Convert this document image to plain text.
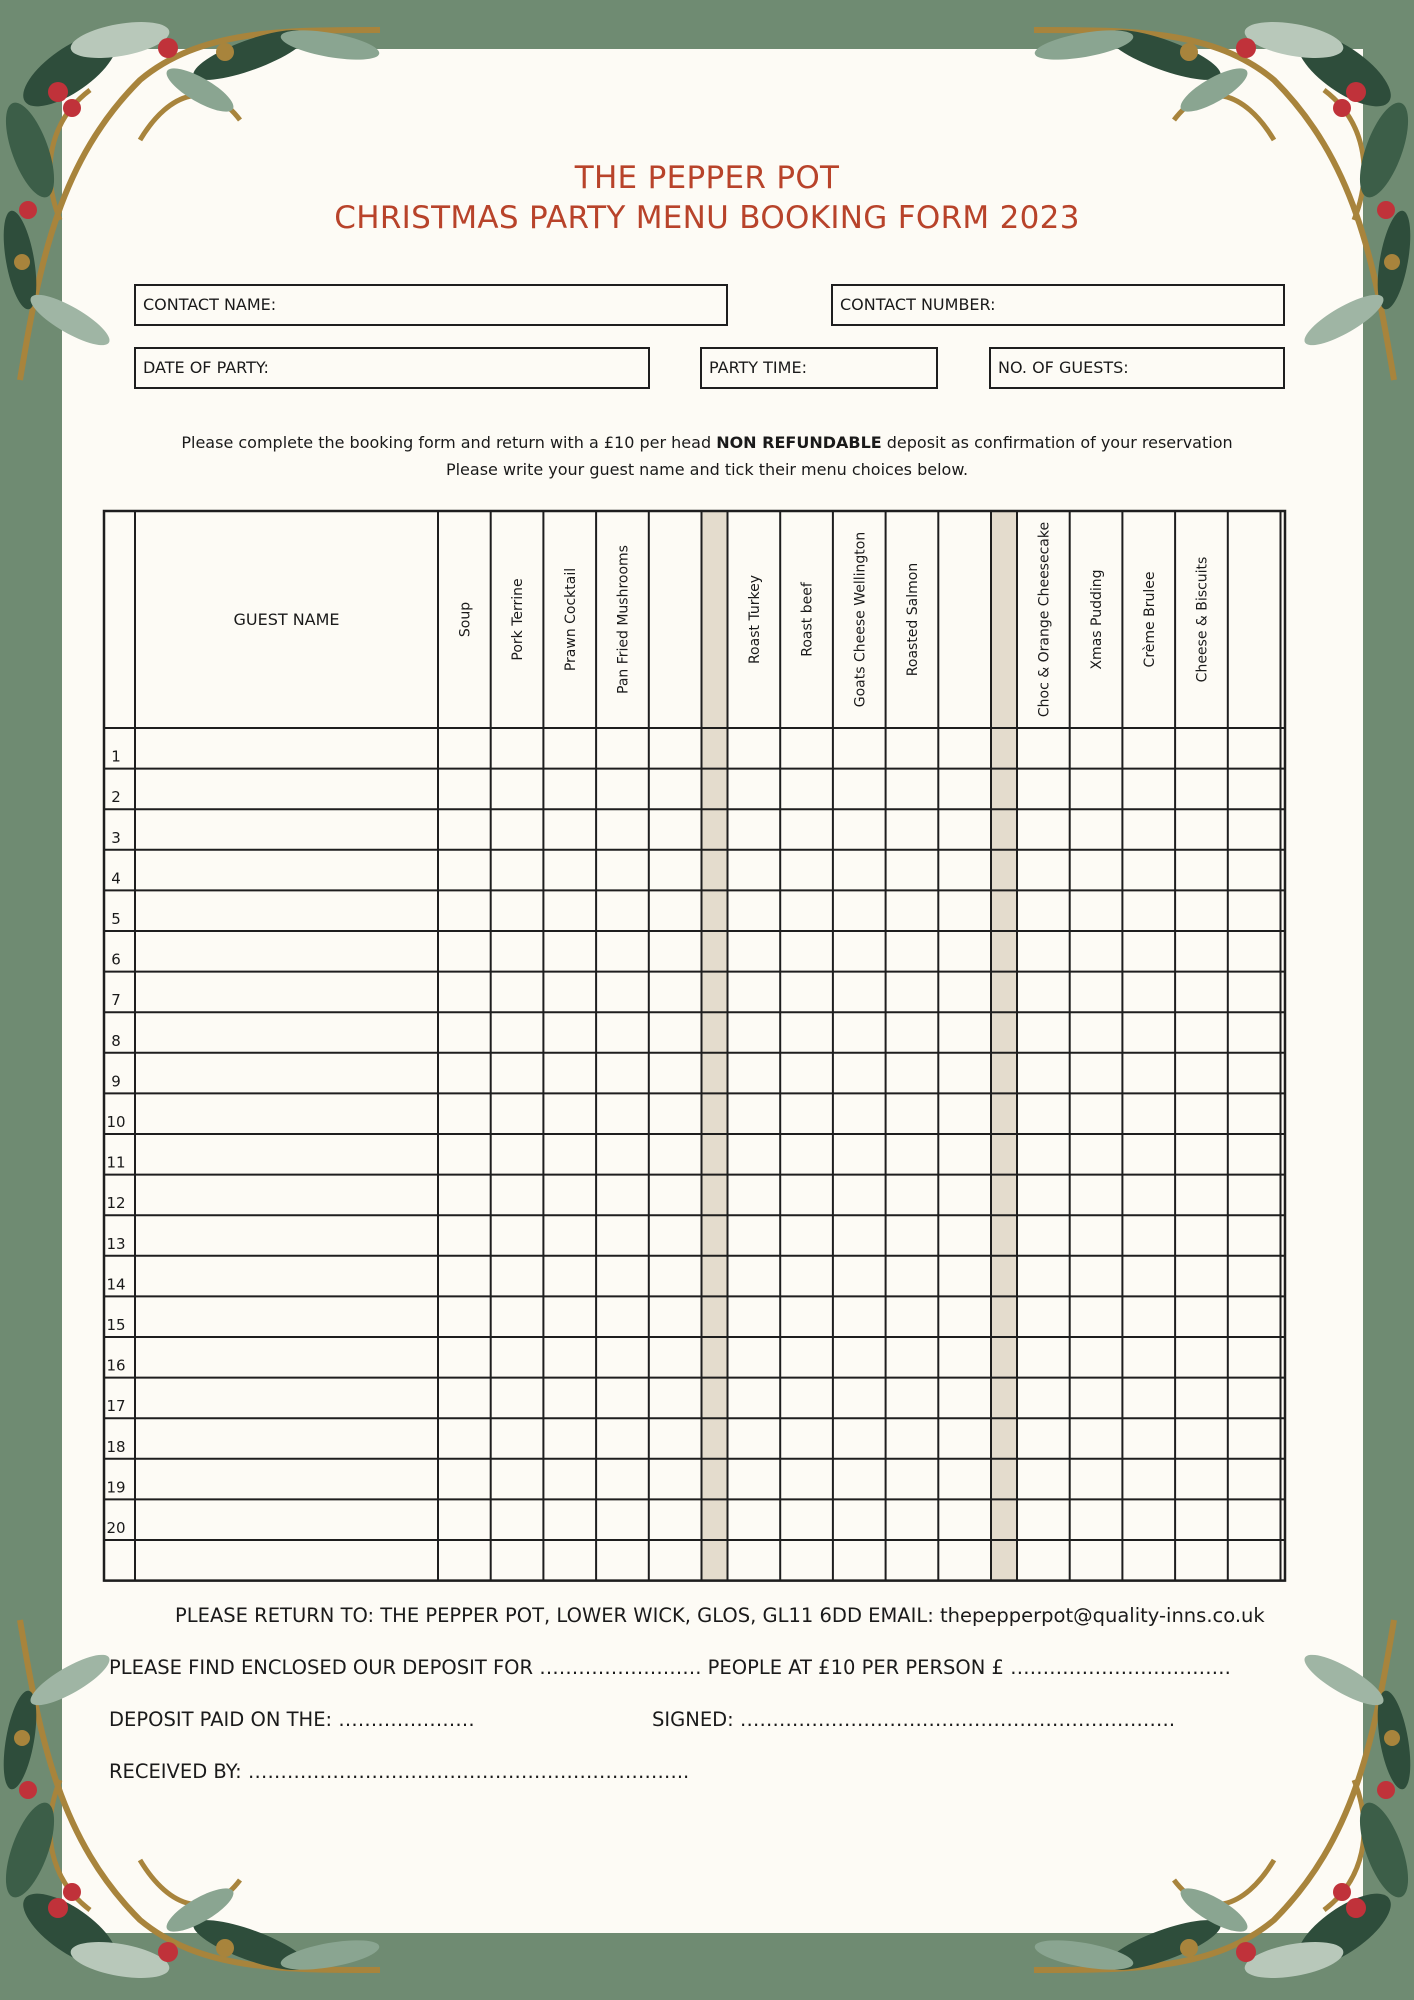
THE PEPPER POT
CHRISTMAS PARTY MENU BOOKING FORM 2023
CONTACT NAME:	CONTACT NUMBER:
DATE OF PARTY:	PARTY TIME:	NO. OF GUESTS:
Please complete the booking form and return with a £10 per head NON REFUNDABLE deposit as confirmation of your reservation
Please write your guest name and tick their menu choices below.
GUEST NAME	Soup	Pork Terrine	Prawn Cocktail	Pan Fried Mushrooms	Roast Turkey	Roast beef	Goats Cheese Wellington	Roasted Salmon	Choc & Orange Cheesecake	Xmas Pudding	Crème Brulee	Cheese & Biscuits
1
2
3
4
5
6
7
8
9
10
11
12
13
14
15
16
17
18
19
20
PLEASE RETURN TO: THE PEPPER POT, LOWER WICK, GLOS, GL11 6DD EMAIL: thepepperpot@quality-inns.co.uk
PLEASE FIND ENCLOSED OUR DEPOSIT FOR ……………………. PEOPLE AT £10 PER PERSON £ …………………………….
DEPOSIT PAID ON THE: …………………	SIGNED: ………………………………………………………….
RECEIVED BY: …………………………………………………………..
